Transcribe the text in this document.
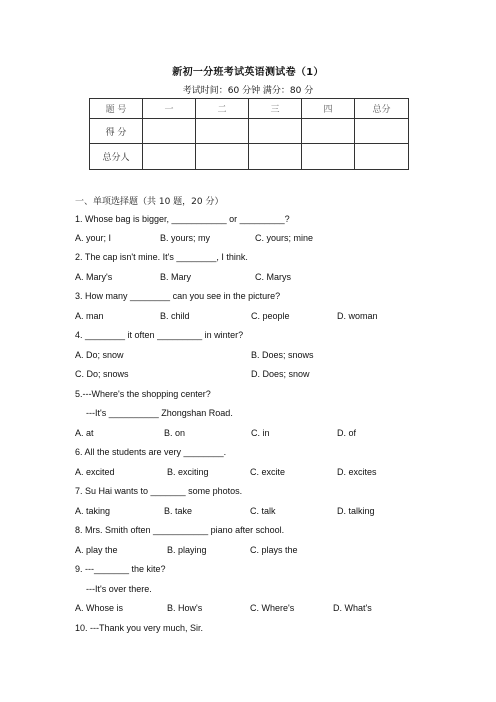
新初一分班考试英语测试卷（1）
考试时间：60 分钟 满分：80 分
题 号	一	二	三	四	总分
得 分					
总分人					
一、单项选择题（共 10 题，20 分）
1. Whose bag is bigger, ___________ or _________?
A. your; I	B. yours; my	C. yours; mine
2. The cap isn't mine. It's ________, I think.
A. Mary's	B. Mary	C. Marys
3. How many ________ can you see in the picture?
A. man	B. child	C. people	D. woman
4. ________ it often _________ in winter?
A. Do; snow	B. Does; snows
C. Do; snows	D. Does; snow
5.---Where's the shopping center?
---It's __________ Zhongshan Road.
A. at	B. on	C. in	D. of
6. All the students are very ________.
A. excited	B. exciting	C. excite	D. excites
7. Su Hai wants to _______ some photos.
A. taking	B. take	C. talk	D. talking
8. Mrs. Smith often ___________ piano after school.
A. play the	B. playing	C. plays the
9. ---_______ the kite?
---It's over there.
A. Whose is	B. How's	C. Where's	D. What's
10. ---Thank you very much, Sir.
